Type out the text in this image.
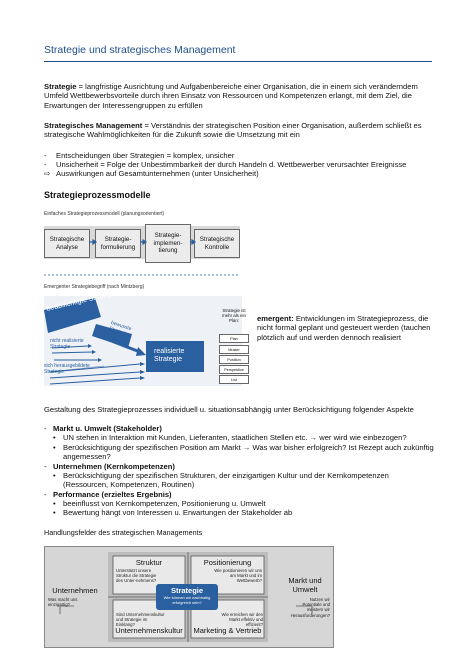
Strategie und strategisches Management
Strategie = langfristige Ausrichtung und Aufgabenbereiche einer Organisation, die in einem sich veränderndem Umfeld Wettbewerbsvorteile durch ihren Einsatz von Ressourcen und Kompetenzen erlangt, mit dem Ziel, die Erwartungen der Interessengruppen zu erfüllen
Strategisches Management = Verständnis der strategischen Position einer Organisation, außerdem schließt es strategische Wahlmöglichkeiten für die Zukunft sowie die Umsetzung mit ein
- Entscheidungen über Strategien = komplex, unsicher
- Unsicherheit = Folge der Unbestimmbarkeit der durch Handeln d. Wettbewerber verursachter Ereignisse
⇨ Auswirkungen auf Gesamtunternehmen (unter Unsicherheit)
Strategieprozessmodelle
Einfaches Strategieprozessmodell (planungsorientiert)
Strategische Analyse
Strategie-formulierung
Strategie-implemen-tierung
Strategische Kontrolle
Emergenter Strategiebegriff (nach Mintzberg)
beabsichtigte Strategie
bewusste Strategie
nicht realisierte Strategie
sich herausgebildete Strategie
realisierte Strategie
Strategie ist mehr als ein Plan:
Plan
Muster
Position
Perspektive
List
emergent: Entwicklungen im Strategieprozess, die nicht formal geplant und gesteuert werden (tauchen plötzlich auf und werden dennoch realisiert
Gestaltung des Strategieprozesses individuell u. situationsabhängig unter Berücksichtigung folgender Aspekte
- Markt u. Umwelt (Stakeholder)
• UN stehen in Interaktion mit Kunden, Lieferanten, staatlichen Stellen etc. → wer wird wie einbezogen?
• Berücksichtigung der spezifischen Position am Markt → Was war bisher erfolgreich? Ist Rezept auch zukünftig angemessen?
- Unternehmen (Kernkompetenzen)
• Berücksichtigung der spezifischen Strukturen, der einzigartigen Kultur und der Kernkompetenzen (Ressourcen, Kompetenzen, Routinen)
- Performance (erzieltes Ergebnis)
• beeinflusst von Kernkompetenzen, Positionierung u. Umwelt
• Bewertung hängt von Interessen u. Erwartungen der Stakeholder ab
Handlungsfelder des strategischen Managements
Struktur
Unterstützt unsere Struktur die Strategie des Unter-nehmens?
Positionierung
Wie positionieren wir uns am Markt und im Wettbewerb?
Strategie
Wie können wir nachhaltig erfolgreich sein?
Unternehmen
Was macht uns einzigartig?
Markt und Umwelt
Nutzen wir Potentiale und meistern wir Herausforderungen?
Sind Unternehmenskultur und Strategie im Einklang?
Unternehmenskultur
Wie erreichen wir den Markt effektiv und effizient?
Marketing & Vertrieb
